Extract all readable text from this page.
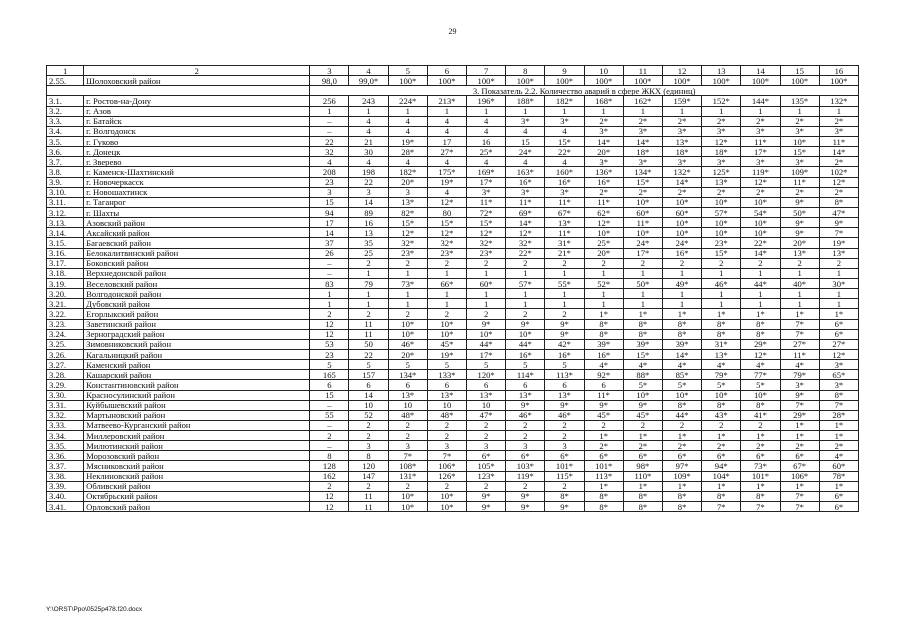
29
1	2	3	4	5	6	7	8	9	10	11	12	13	14	15	16
2.55.	Шолоховский район	98,0	99,0*	100*	100*	100*	100*	100*	100*	100*	100*	100*	100*	100*	100*
		3. Показатель 2.2. Количество аварий в сфере ЖКХ (единиц)													
3.1.	г. Ростов-на-Дону	256	243	224*	213*	196*	188*	182*	168*	162*	159*	152*	144*	135*	132*
3.2.	г. Азов	1	1	1	1	1	1	1	1	1	1	1	1	1	1
3.3.	г. Батайск	–	4	4	4	4	3*	3*	2*	2*	2*	2*	2*	2*	2*
3.4.	г. Волгодонск	–	4	4	4	4	4	4	3*	3*	3*	3*	3*	3*	3*
3.5.	г. Гуково	22	21	19*	17	16	15	15*	14*	14*	13*	12*	11*	10*	11*
3.6.	г. Донецк	32	30	28*	27*	25*	24*	22*	20*	18*	18*	18*	17*	15*	14*
3.7.	г. Зверево	4	4	4	4	4	4	4	3*	3*	3*	3*	3*	3*	2*
3.8.	г. Каменск-Шахтинский	208	198	182*	175*	169*	163*	160*	136*	134*	132*	125*	119*	109*	102*
3.9.	г. Новочеркасск	23	22	20*	19*	17*	16*	16*	16*	15*	14*	13*	12*	11*	12*
3.10.	г. Новошахтинск	3	3	3	4	3*	3*	3*	2*	2*	2*	2*	2*	2*	2*
3.11.	г. Таганрог	15	14	13*	12*	11*	11*	11*	11*	10*	10*	10*	10*	9*	8*
3.12.	г. Шахты	94	89	82*	80	72*	69*	67*	62*	60*	60*	57*	54*	50*	47*
3.13.	Азовский район	17	16	15*	15*	15*	14*	13*	12*	11*	10*	10*	10*	9*	9*
3.14.	Аксайский район	14	13	12*	12*	12*	12*	11*	10*	10*	10*	10*	10*	9*	7*
3.15.	Багаевский район	37	35	32*	32*	32*	32*	31*	25*	24*	24*	23*	22*	20*	19*
3.16.	Белокалитвинский район	26	25	23*	23*	23*	22*	21*	20*	17*	16*	15*	14*	13*	13*
3.17.	Боковский район	–	2	2	2	2	2	2	2	2	2	2	2	2	2
3.18.	Верхнедонской район	–	1	1	1	1	1	1	1	1	1	1	1	1	1
3.19.	Веселовский район	83	79	73*	66*	60*	57*	55*	52*	50*	49*	46*	44*	40*	30*
3.20.	Волгодонской район	1	1	1	1	1	1	1	1	1	1	1	1	1	1
3.21.	Дубовский район	1	1	1	1	1	1	1	1	1	1	1	1	1	1
3.22.	Егорлыкский район	2	2	2	2	2	2	2	1*	1*	1*	1*	1*	1*	1*
3.23.	Заветинский район	12	11	10*	10*	9*	9*	9*	8*	8*	8*	8*	8*	7*	6*
3.24.	Зерноградский район	12	11	10*	10*	10*	10*	9*	8*	8*	8*	8*	8*	7*	6*
3.25.	Зимовниковский район	53	50	46*	45*	44*	44*	42*	39*	39*	39*	31*	29*	27*	27*
3.26.	Кагальницкий район	23	22	20*	19*	17*	16*	16*	16*	15*	14*	13*	12*	11*	12*
3.27.	Каменский район	5	5	5	5	5	5	5	4*	4*	4*	4*	4*	4*	3*
3.28.	Кашарский район	165	157	134*	133*	120*	114*	113*	92*	88*	85*	79*	77*	79*	65*
3.29.	Константиновский район	6	6	6	6	6	6	6	6	5*	5*	5*	5*	3*	3*
3.30.	Красносулинский район	15	14	13*	13*	13*	13*	13*	11*	10*	10*	10*	10*	9*	8*
3.31.	Куйбышевский район	–	10	10	10	10	9*	9*	9*	9*	8*	8*	8*	7*	7*
3.32.	Мартыновский район	55	52	48*	48*	47*	46*	46*	45*	45*	44*	43*	41*	29*	28*
3.33.	Матвеево-Курганский район	–	2	2	2	2	2	2	2	2	2	2	2	1*	1*
3.34.	Миллеровский район	2	2	2	2	2	2	2	1*	1*	1*	1*	1*	1*	1*
3.35.	Милютинский район	–	3	3	3	3	3	3	2*	2*	2*	2*	2*	2*	2*
3.36.	Морозовский район	8	8	7*	7*	6*	6*	6*	6*	6*	6*	6*	6*	6*	4*
3.37.	Мясниковский район	128	120	108*	106*	105*	103*	101*	101*	98*	97*	94*	73*	67*	60*
3.38.	Неклиновский район	162	147	131*	126*	123*	119*	115*	113*	110*	109*	104*	101*	106*	78*
3.39.	Обливский район	2	2	2	2	2	2	2	1*	1*	1*	1*	1*	1*	1*
3.40.	Октябрьский район	12	11	10*	10*	9*	9*	8*	8*	8*	8*	8*	8*	7*	6*
3.41.	Орловский район	12	11	10*	10*	9*	9*	9*	8*	8*	8*	7*	7*	7*	6*
Y:\ORST\Ppo\0525p478.f20.docx
